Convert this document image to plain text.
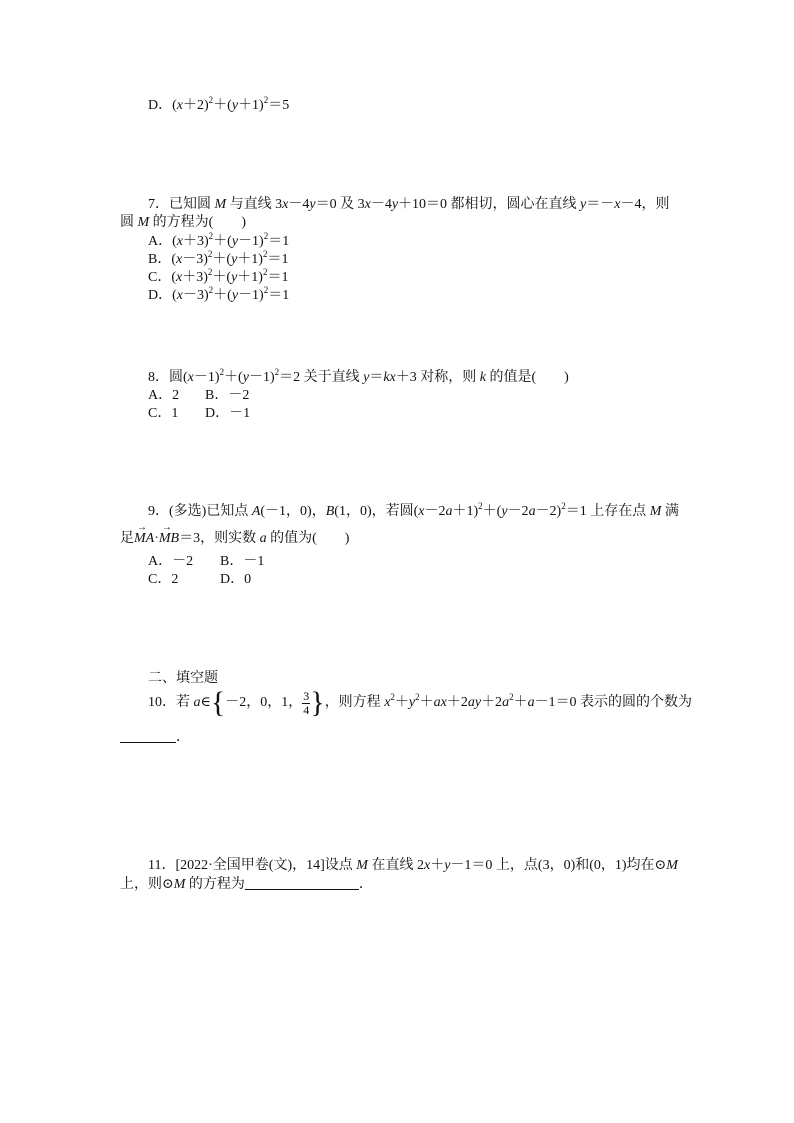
D．$(x+2)^2+(y+1)^2=5$
7．已知圆 M 与直线 3x－4y＝0 及 3x－4y＋10＝0 都相切，圆心在直线 y＝－x－4，则
圆 M 的方程为(　　)
A．$(x+3)^2+(y-1)^2=1$
B．$(x-3)^2+(y+1)^2=1$
C．$(x+3)^2+(y+1)^2=1$
D．$(x-3)^2+(y-1)^2=1$
8．圆$(x-1)^2+(y-1)^2=2$ 关于直线 y＝kx＋3 对称，则 k 的值是(　　)
A．2 B．－2
C．1 D．－1
9．(多选)已知点 A(－1，0)，B(1，0)，若圆$(x-2a+1)^2+(y-2a-2)^2=1$ 上存在点 M 满
足→ MA·→ MB＝3，则实数 a 的值为(　　)
A．－2 B．－1
C．2	D．0
二、填空题
10．若 a∈{－2，0，1， $\frac{3}{4}$ }，则方程 $x^2+y^2+ax+2ay+2a^2+a-1=0$ 表示的圆的个数为
．
11．[2022·全国甲卷(文)，14]设点 M 在直线 2x＋y－1＝0 上，点(3，0)和(0，1)均在⊙M
上，则⊙M 的方程为	．
